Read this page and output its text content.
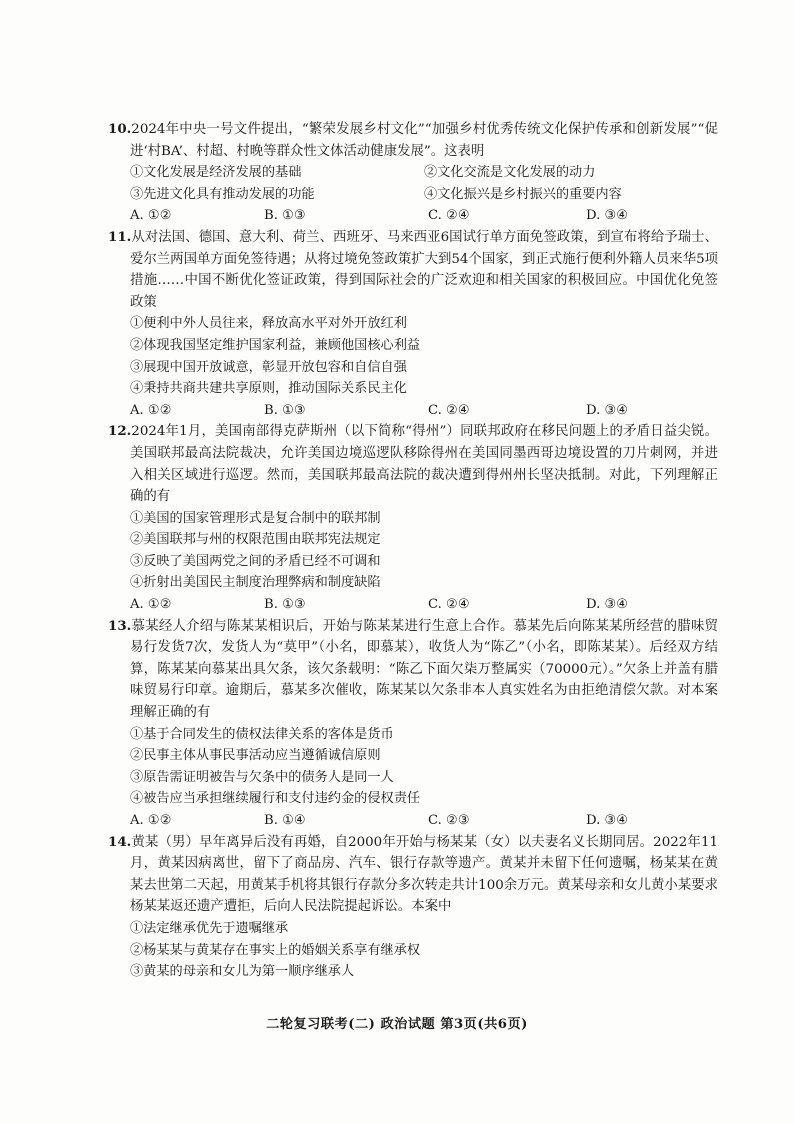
10.2024年中央一号文件提出，“繁荣发展乡村文化”“加强乡村优秀传统文化保护传承和创新发展”“促进‘村BA’、村超、村晚等群众性文体活动健康发展”。这表明

①文化发展是经济发展的基础	②文化交流是文化发展的动力
③先进文化具有推动发展的功能	④文化振兴是乡村振兴的重要内容
A. ①②	B. ①③	C. ②④	D. ③④

11.从对法国、德国、意大利、荷兰、西班牙、马来西亚6国试行单方面免签政策，到宣布将给予瑞士、爱尔兰两国单方面免签待遇；从将过境免签政策扩大到54个国家，到正式施行便利外籍人员来华5项措施……中国不断优化签证政策，得到国际社会的广泛欢迎和相关国家的积极回应。中国优化免签政策

①便利中外人员往来，释放高水平对外开放红利
②体现我国坚定维护国家利益，兼顾他国核心利益
③展现中国开放诚意，彰显开放包容和自信自强
④秉持共商共建共享原则，推动国际关系民主化
A. ①②	B. ①③	C. ②④	D. ③④

12.2024年1月，美国南部得克萨斯州（以下简称“得州”）同联邦政府在移民问题上的矛盾日益尖锐。美国联邦最高法院裁决，允许美国边境巡逻队移除得州在美国同墨西哥边境设置的刀片刺网，并进入相关区域进行巡逻。然而，美国联邦最高法院的裁决遭到得州州长坚决抵制。对此，下列理解正确的有

①美国的国家管理形式是复合制中的联邦制
②美国联邦与州的权限范围由联邦宪法规定
③反映了美国两党之间的矛盾已经不可调和
④折射出美国民主制度治理弊病和制度缺陷
A. ①②	B. ①③	C. ②④	D. ③④

13.慕某经人介绍与陈某某相识后，开始与陈某某进行生意上合作。慕某先后向陈某某所经营的腊味贸易行发货7次，发货人为“莫甲”（小名，即慕某），收货人为“陈乙”（小名，即陈某某）。后经双方结算，陈某某向慕某出具欠条，该欠条载明：“陈乙下面欠柒万整属实（70000元）。”欠条上并盖有腊味贸易行印章。逾期后，慕某多次催收，陈某某以欠条非本人真实姓名为由拒绝清偿欠款。对本案理解正确的有

①基于合同发生的债权法律关系的客体是货币
②民事主体从事民事活动应当遵循诚信原则
③原告需证明被告与欠条中的债务人是同一人
④被告应当承担继续履行和支付违约金的侵权责任
A. ①②	B. ①④	C. ②③	D. ③④

14.黄某（男）早年离异后没有再婚，自2000年开始与杨某某（女）以夫妻名义长期同居。2022年11月，黄某因病离世，留下了商品房、汽车、银行存款等遗产。黄某并未留下任何遗嘱，杨某某在黄某去世第二天起，用黄某手机将其银行存款分多次转走共计100余万元。黄某母亲和女儿黄小某要求杨某某返还遗产遭拒，后向人民法院提起诉讼。本案中

①法定继承优先于遗嘱继承
②杨某某与黄某存在事实上的婚姻关系享有继承权
③黄某的母亲和女儿为第一顺序继承人
二轮复习联考(二) 政治试题 第3页(共6页)
